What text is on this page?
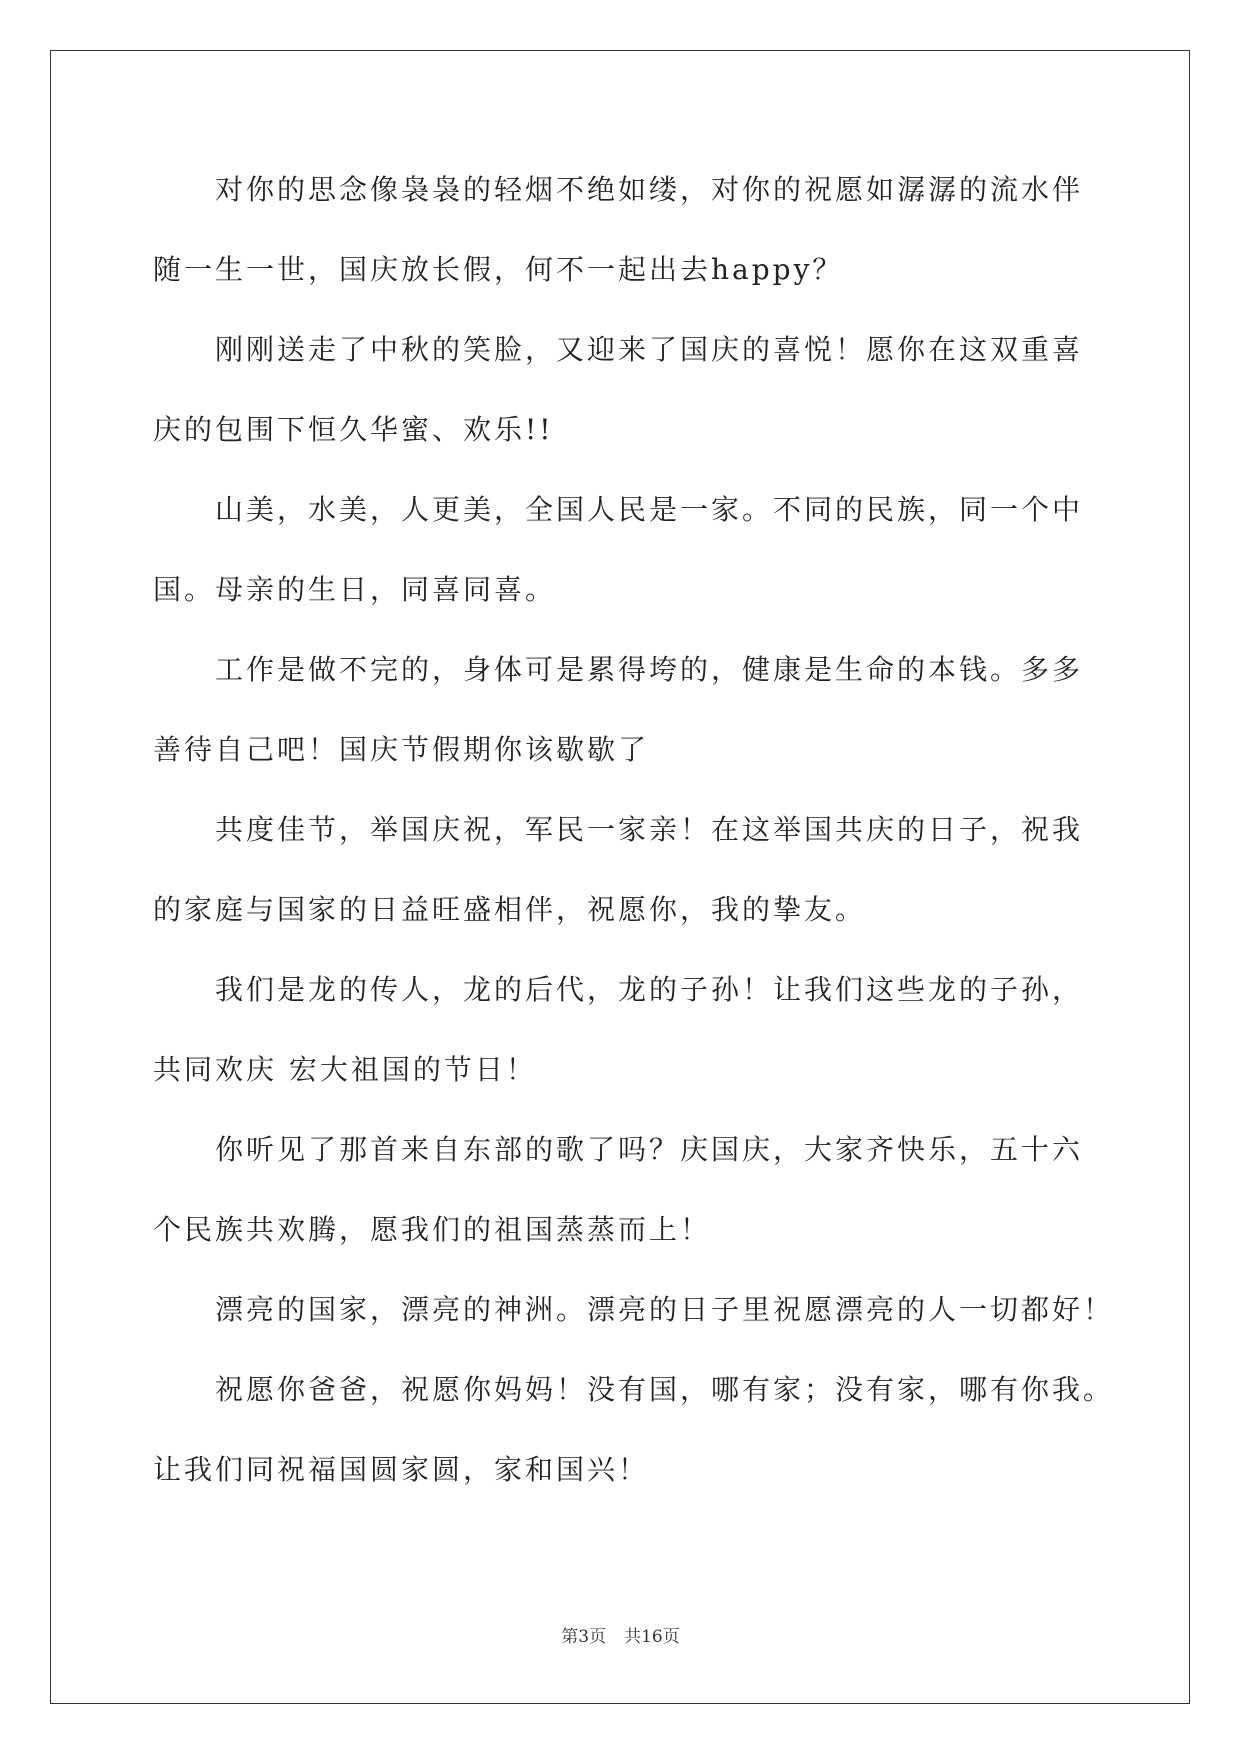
对你的思念像袅袅的轻烟不绝如缕，对你的祝愿如潺潺的流水伴
随一生一世，国庆放长假，何不一起出去happy？

刚刚送走了中秋的笑脸，又迎来了国庆的喜悦！愿你在这双重喜
庆的包围下恒久华蜜、欢乐!!

山美，水美，人更美，全国人民是一家。不同的民族，同一个中
国。母亲的生日，同喜同喜。

工作是做不完的，身体可是累得垮的，健康是生命的本钱。多多
善待自己吧！国庆节假期你该歇歇了

共度佳节，举国庆祝，军民一家亲！在这举国共庆的日子，祝我
的家庭与国家的日益旺盛相伴，祝愿你，我的挚友。

我们是龙的传人，龙的后代，龙的子孙！让我们这些龙的子孙，
共同欢庆 宏大祖国的节日！

你听见了那首来自东部的歌了吗？庆国庆，大家齐快乐，五十六
个民族共欢腾，愿我们的祖国蒸蒸而上！

漂亮的国家，漂亮的神洲。漂亮的日子里祝愿漂亮的人一切都好！

祝愿你爸爸，祝愿你妈妈！没有国，哪有家；没有家，哪有你我。
让我们同祝福国圆家圆，家和国兴！

第3页 共16页
